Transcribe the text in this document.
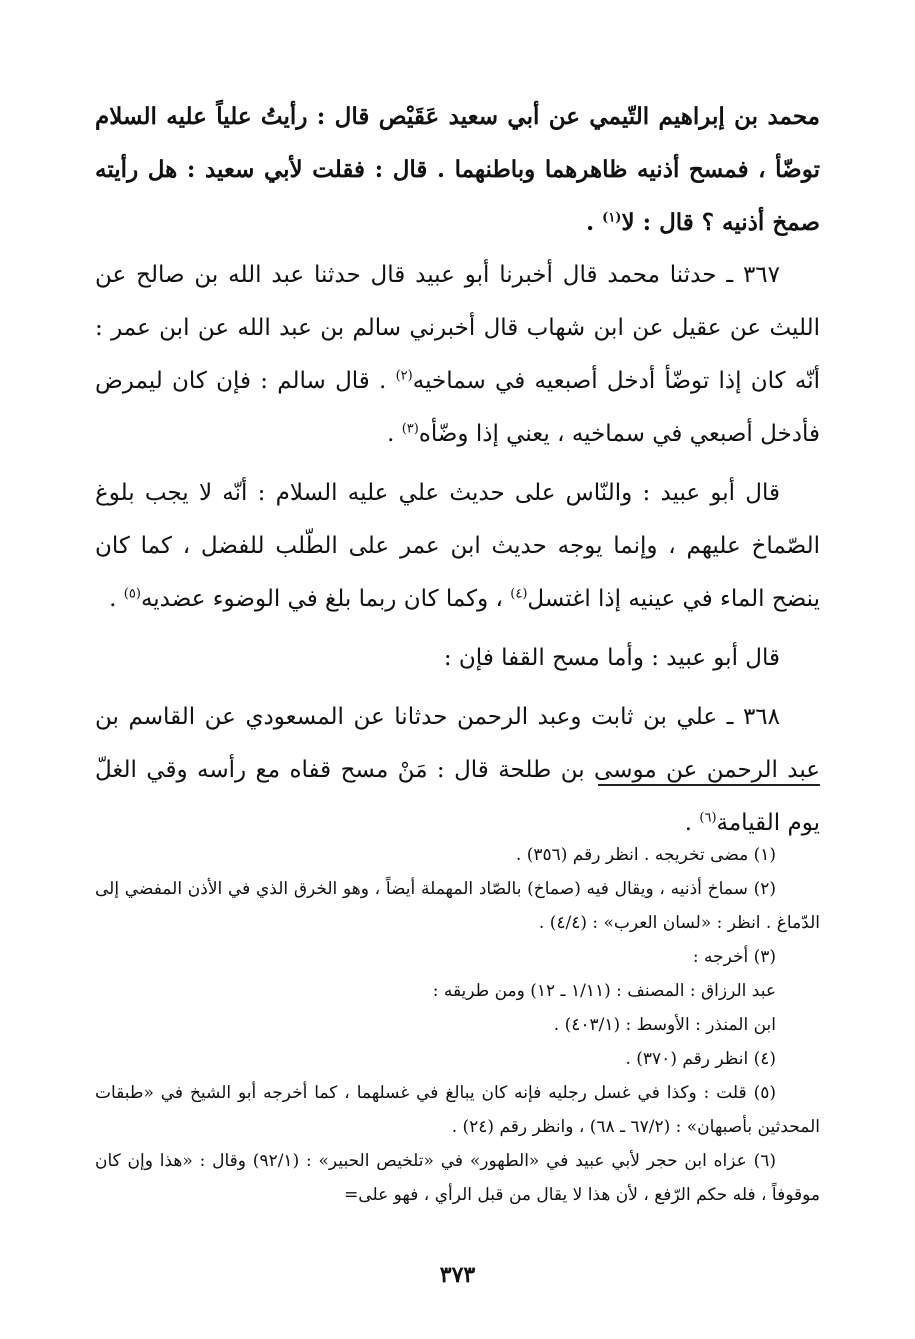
محمد بن إبراهيم التّيمي عن أبي سعيد عَقَيْص قال : رأيتُ علياً عليه السلام توضّأ ، فمسح أذنيه ظاهرهما وباطنهما . قال : فقلت لأبي سعيد : هل رأيته صمخ أذنيه ؟ قال : لا$^{(١)}$ .

٣٦٧ ـ حدثنا محمد قال أخبرنا أبو عبيد قال حدثنا عبد الله بن صالح عن الليث عن عقيل عن ابن شهاب قال أخبرني سالم بن عبد الله عن ابن عمر : أنّه كان إذا توضّأ أدخل أصبعيه في سماخيه$^{(٢)}$ . قال سالم : فإن كان ليمرض فأدخل أصبعي في سماخيه ، يعني إذا وضّأه$^{(٣)}$ .

قال أبو عبيد : والنّاس على حديث علي عليه السلام : أنّه لا يجب بلوغ الصّماخ عليهم ، وإنما يوجه حديث ابن عمر على الطّلب للفضل ، كما كان ينضح الماء في عينيه إذا اغتسل$^{(٤)}$ ، وكما كان ربما بلغ في الوضوء عضديه$^{(٥)}$ .

قال أبو عبيد : وأما مسح القفا فإن :

٣٦٨ ـ علي بن ثابت وعبد الرحمن حدثانا عن المسعودي عن القاسم بن عبد الرحمن عن موسى بن طلحة قال : مَنْ مسح قفاه مع رأسه وقي الغلّ يوم القيامة$^{(٦)}$ .

(١) مضى تخريجه . انظر رقم (٣٥٦) .

(٢) سماخ أذنيه ، ويقال فيه (صماخ) بالصّاد المهملة أيضاً ، وهو الخرق الذي في الأذن المفضي إلى الدّماغ . انظر : «لسان العرب» : (٤/٤) .

(٣) أخرجه :

عبد الرزاق : المصنف : (١/١١ ـ ١٢) ومن طريقه :

ابن المنذر : الأوسط : (٤٠٣/١) .

(٤) انظر رقم (٣٧٠) .

(٥) قلت : وكذا في غسل رجليه فإنه كان يبالغ في غسلهما ، كما أخرجه أبو الشيخ في «طبقات المحدثين بأصبهان» : (٦٧/٢ ـ ٦٨) ، وانظر رقم (٢٤) .

(٦) عزاه ابن حجر لأبي عبيد في «الطهور» في «تلخيص الحبير» : (٩٢/١) وقال : «هذا وإن كان موقوفاً ، فله حكم الرّفع ، لأن هذا لا يقال من قبل الرأي ، فهو على=

٣٧٣
